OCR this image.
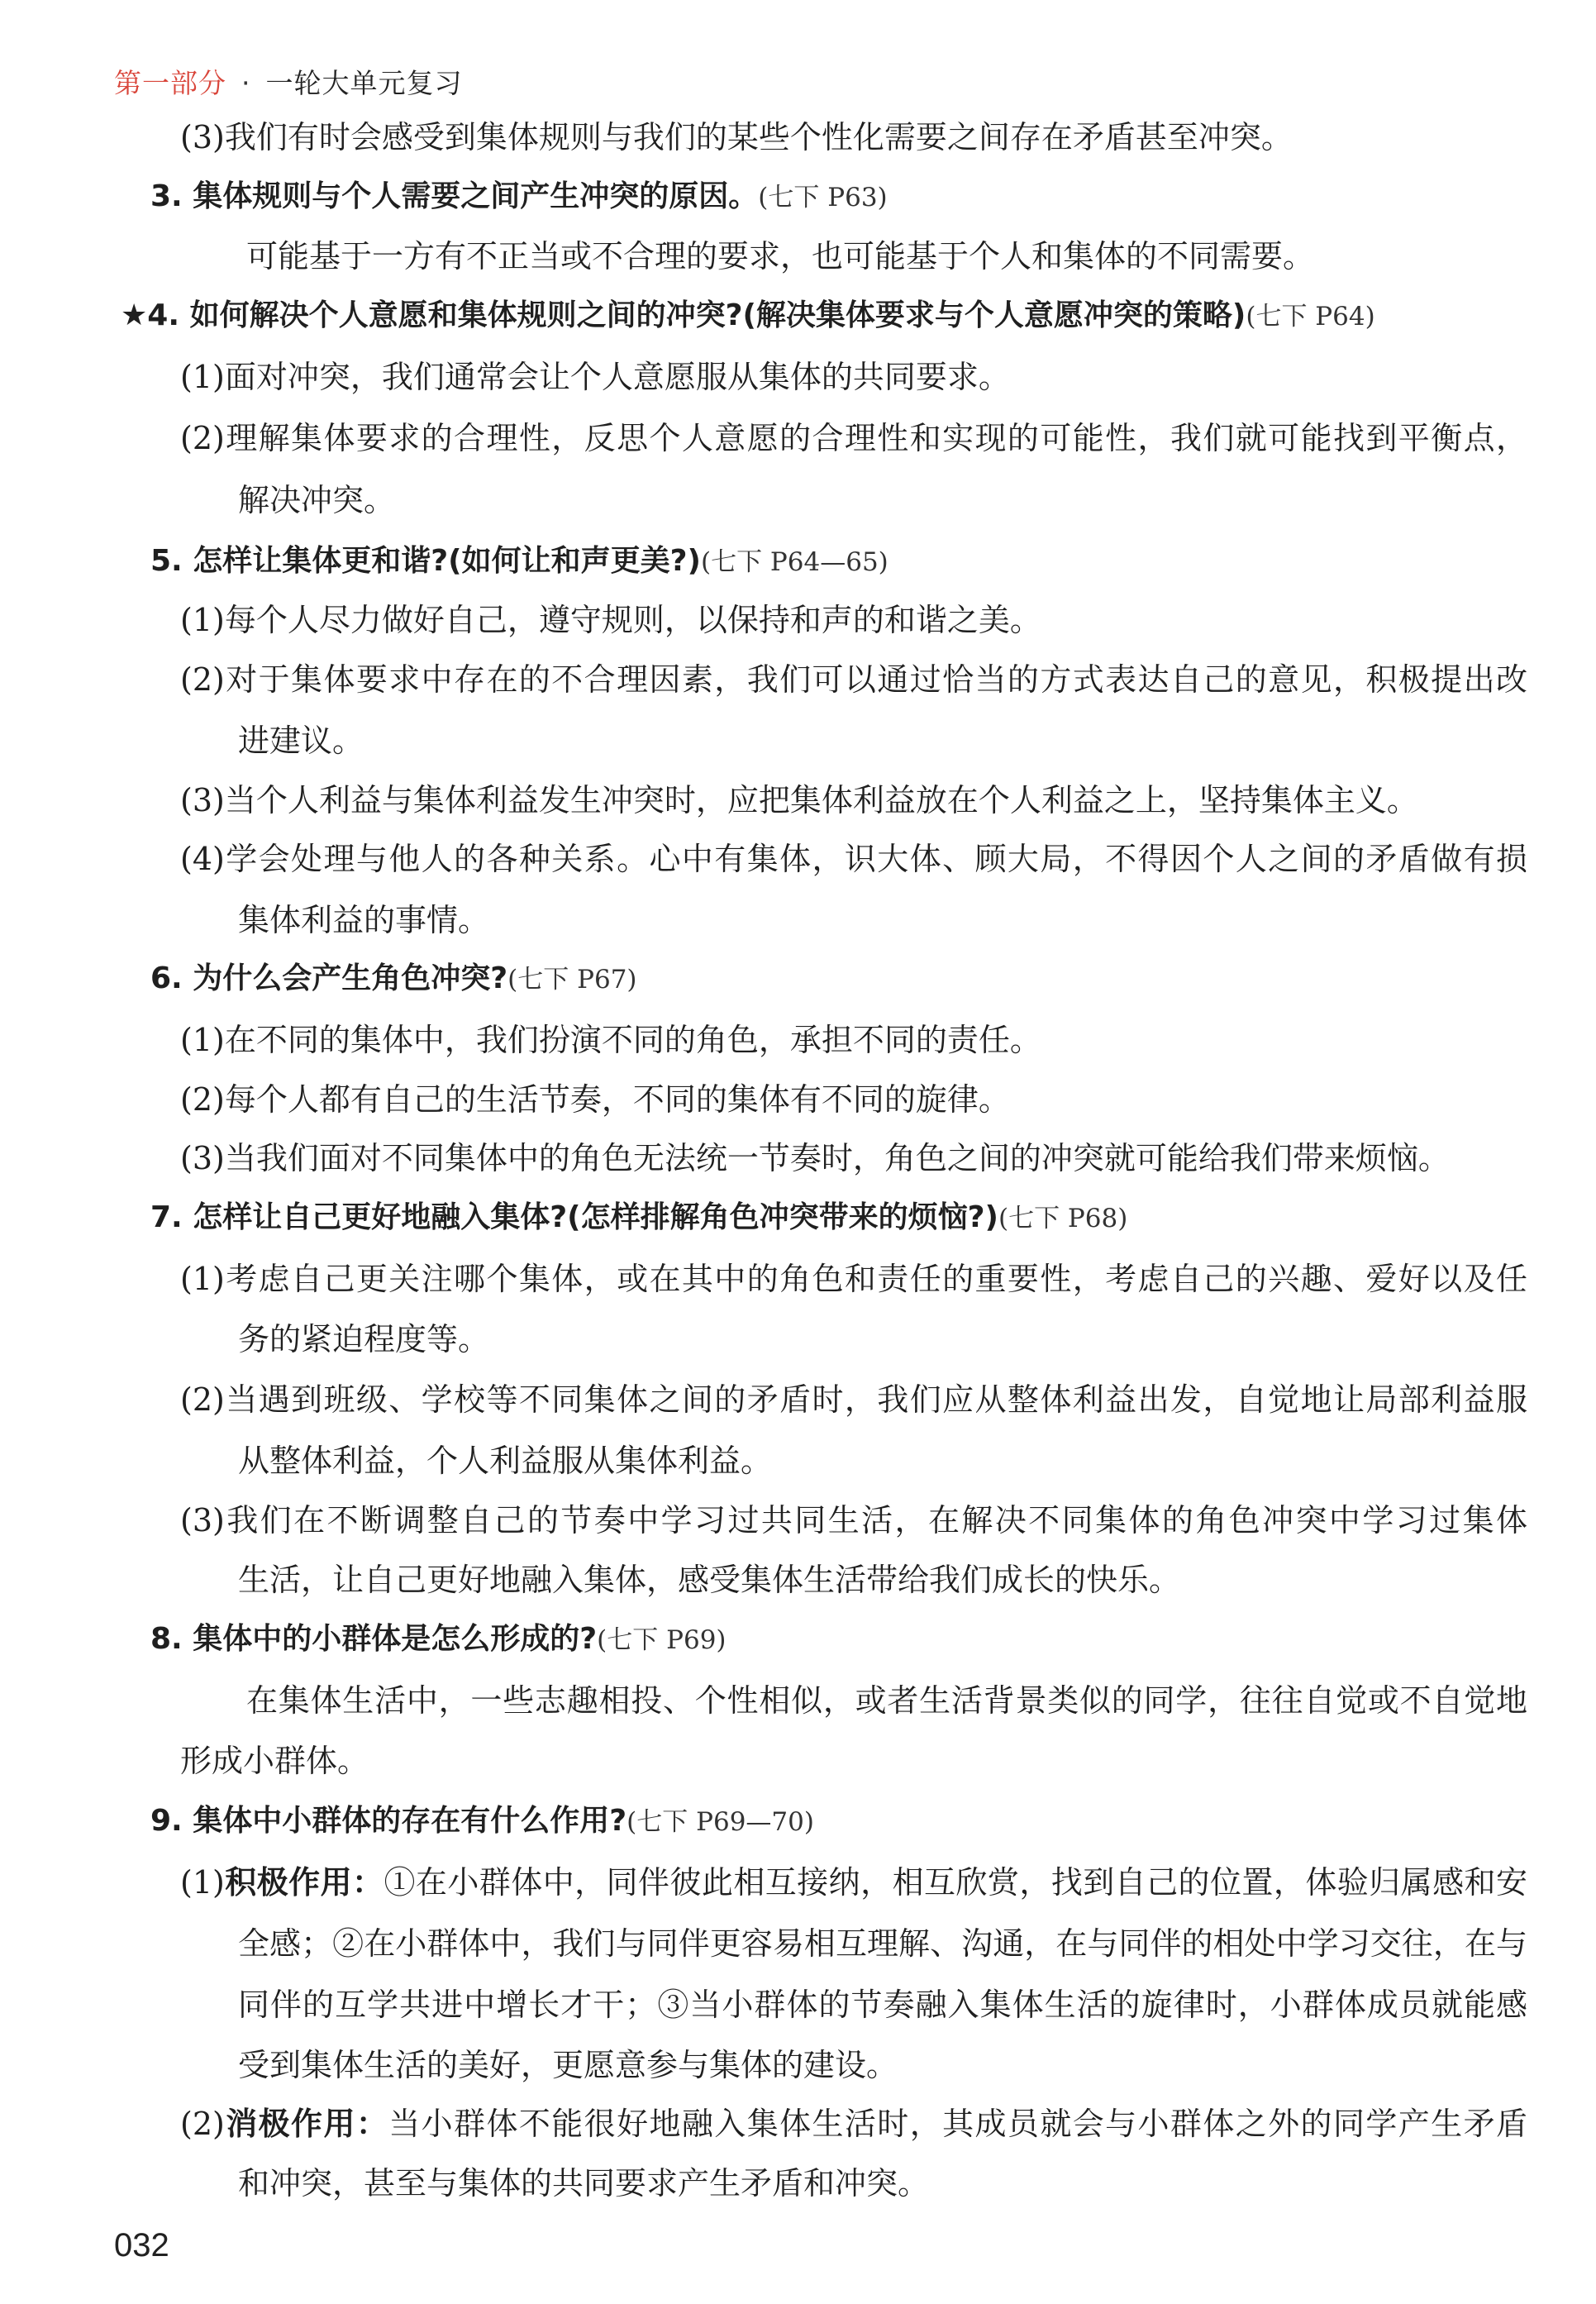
第一部分 · 一轮大单元复习
(3)我们有时会感受到集体规则与我们的某些个性化需要之间存在矛盾甚至冲突。
3. 集体规则与个人需要之间产生冲突的原因。(七下 P63)
可能基于一方有不正当或不合理的要求，也可能基于个人和集体的不同需要。
★4. 如何解决个人意愿和集体规则之间的冲突?(解决集体要求与个人意愿冲突的策略)(七下 P64)
(1)面对冲突，我们通常会让个人意愿服从集体的共同要求。
(2)理解集体要求的合理性，反思个人意愿的合理性和实现的可能性，我们就可能找到平衡点，
解决冲突。
5. 怎样让集体更和谐?(如何让和声更美?)(七下 P64—65)
(1)每个人尽力做好自己，遵守规则，以保持和声的和谐之美。
(2)对于集体要求中存在的不合理因素，我们可以通过恰当的方式表达自己的意见，积极提出改
进建议。
(3)当个人利益与集体利益发生冲突时，应把集体利益放在个人利益之上，坚持集体主义。
(4)学会处理与他人的各种关系。心中有集体，识大体、顾大局，不得因个人之间的矛盾做有损
集体利益的事情。
6. 为什么会产生角色冲突?(七下 P67)
(1)在不同的集体中，我们扮演不同的角色，承担不同的责任。
(2)每个人都有自己的生活节奏，不同的集体有不同的旋律。
(3)当我们面对不同集体中的角色无法统一节奏时，角色之间的冲突就可能给我们带来烦恼。
7. 怎样让自己更好地融入集体?(怎样排解角色冲突带来的烦恼?)(七下 P68)
(1)考虑自己更关注哪个集体，或在其中的角色和责任的重要性，考虑自己的兴趣、爱好以及任
务的紧迫程度等。
(2)当遇到班级、学校等不同集体之间的矛盾时，我们应从整体利益出发，自觉地让局部利益服
从整体利益，个人利益服从集体利益。
(3)我们在不断调整自己的节奏中学习过共同生活，在解决不同集体的角色冲突中学习过集体
生活，让自己更好地融入集体，感受集体生活带给我们成长的快乐。
8. 集体中的小群体是怎么形成的?(七下 P69)
在集体生活中，一些志趣相投、个性相似，或者生活背景类似的同学，往往自觉或不自觉地
形成小群体。
9. 集体中小群体的存在有什么作用?(七下 P69—70)
(1)积极作用：①在小群体中，同伴彼此相互接纳，相互欣赏，找到自己的位置，体验归属感和安
全感；②在小群体中，我们与同伴更容易相互理解、沟通，在与同伴的相处中学习交往，在与
同伴的互学共进中增长才干；③当小群体的节奏融入集体生活的旋律时，小群体成员就能感
受到集体生活的美好，更愿意参与集体的建设。
(2)消极作用：当小群体不能很好地融入集体生活时，其成员就会与小群体之外的同学产生矛盾
和冲突，甚至与集体的共同要求产生矛盾和冲突。
032
